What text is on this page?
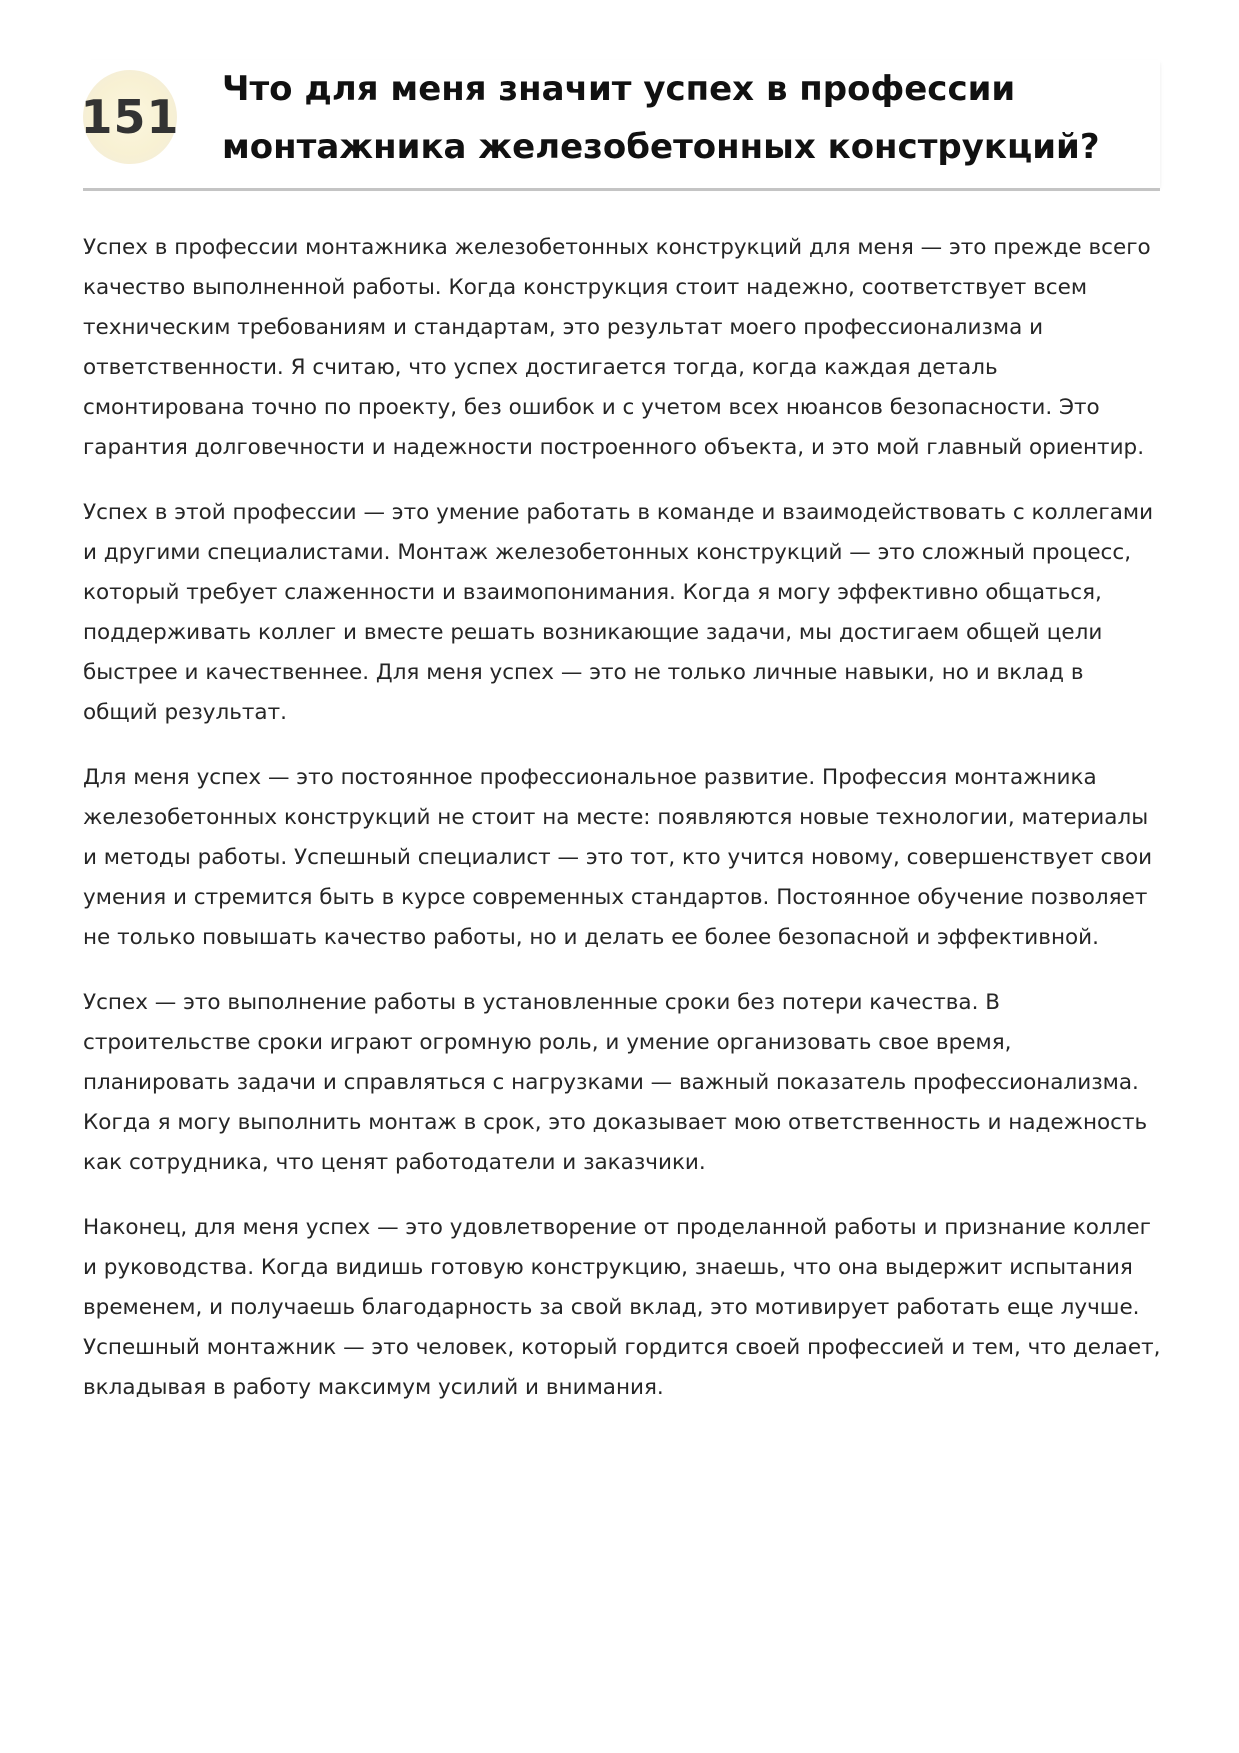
151
Что для меня значит успех в профессии монтажника железобетонных конструкций?

Успех в профессии монтажника железобетонных конструкций для меня — это прежде всего качество выполненной работы. Когда конструкция стоит надежно, соответствует всем техническим требованиям и стандартам, это результат моего профессионализма и ответственности. Я считаю, что успех достигается тогда, когда каждая деталь смонтирована точно по проекту, без ошибок и с учетом всех нюансов безопасности. Это гарантия долговечности и надежности построенного объекта, и это мой главный ориентир.

Успех в этой профессии — это умение работать в команде и взаимодействовать с коллегами и другими специалистами. Монтаж железобетонных конструкций — это сложный процесс, который требует слаженности и взаимопонимания. Когда я могу эффективно общаться, поддерживать коллег и вместе решать возникающие задачи, мы достигаем общей цели быстрее и качественнее. Для меня успех — это не только личные навыки, но и вклад в общий результат.

Для меня успех — это постоянное профессиональное развитие. Профессия монтажника железобетонных конструкций не стоит на месте: появляются новые технологии, материалы и методы работы. Успешный специалист — это тот, кто учится новому, совершенствует свои умения и стремится быть в курсе современных стандартов. Постоянное обучение позволяет не только повышать качество работы, но и делать ее более безопасной и эффективной.

Успех — это выполнение работы в установленные сроки без потери качества. В строительстве сроки играют огромную роль, и умение организовать свое время, планировать задачи и справляться с нагрузками — важный показатель профессионализма. Когда я могу выполнить монтаж в срок, это доказывает мою ответственность и надежность как сотрудника, что ценят работодатели и заказчики.

Наконец, для меня успех — это удовлетворение от проделанной работы и признание коллег и руководства. Когда видишь готовую конструкцию, знаешь, что она выдержит испытания временем, и получаешь благодарность за свой вклад, это мотивирует работать еще лучше. Успешный монтажник — это человек, который гордится своей профессией и тем, что делает, вкладывая в работу максимум усилий и внимания.
